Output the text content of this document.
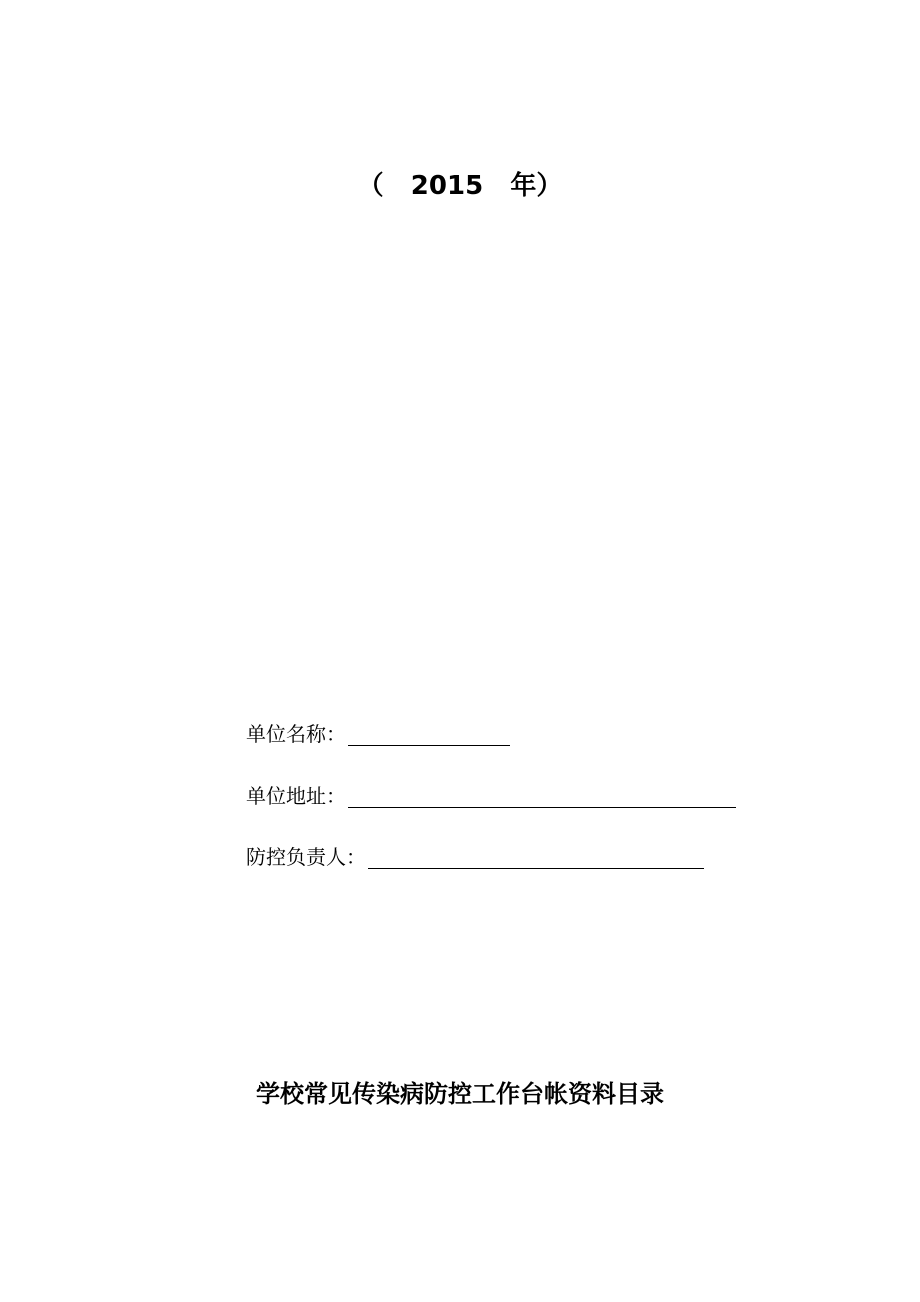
（   2015   年）
单位名称：
单位地址：
防控负责人：
学校常见传染病防控工作台帐资料目录
